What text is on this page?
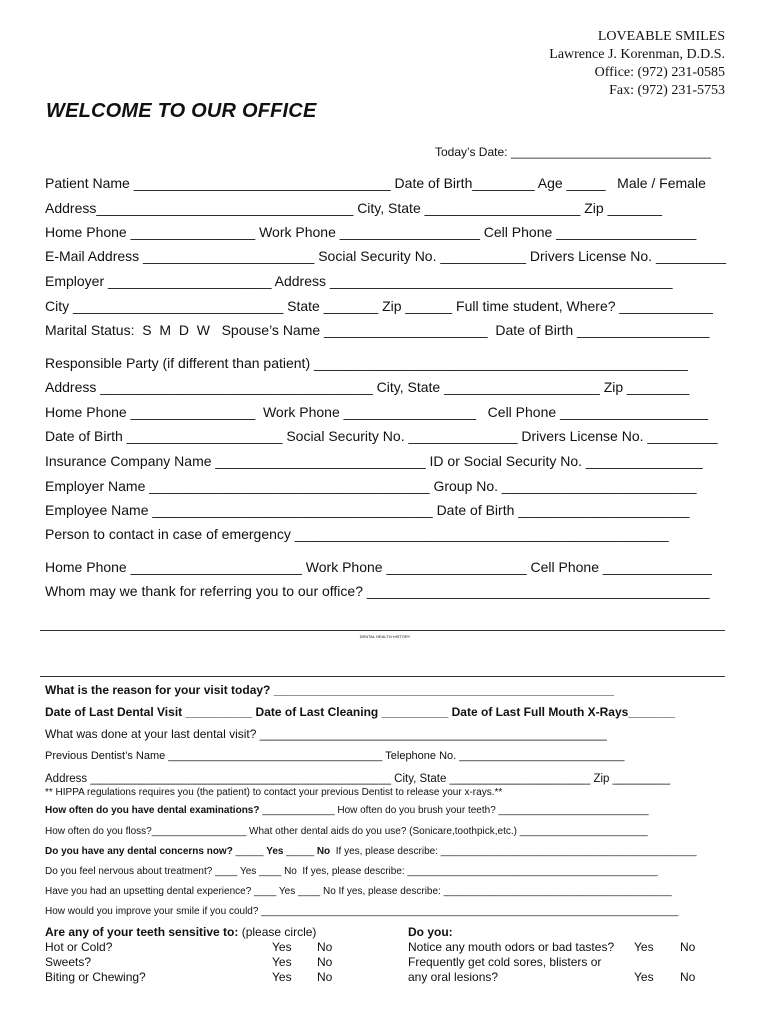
LOVEABLE SMILES
Lawrence J. Korenman, D.D.S.
Office: (972) 231-0585
Fax: (972) 231-5753
WELCOME TO OUR OFFICE
Today’s Date: ______________________________
Patient Name _________________________________ Date of Birth________ Age _____   Male / Female
Address_________________________________ City, State ____________________ Zip _______
Home Phone ________________ Work Phone __________________ Cell Phone __________________
E-Mail Address ______________________ Social Security No. ___________ Drivers License No. _________
Employer _____________________ Address ____________________________________________
City ___________________________ State _______ Zip ______ Full time student, Where? ____________
Marital Status:  S  M  D  W   Spouse’s Name _____________________  Date of Birth _________________
Responsible Party (if different than patient) ________________________________________________
Address ___________________________________ City, State ____________________ Zip ________
Home Phone ________________  Work Phone _________________   Cell Phone ___________________
Date of Birth ____________________ Social Security No. ______________ Drivers License No. _________
Insurance Company Name ___________________________ ID or Social Security No. _______________
Employer Name ____________________________________ Group No. _________________________
Employee Name ____________________________________ Date of Birth ______________________
Person to contact in case of emergency ________________________________________________
Home Phone ______________________ Work Phone __________________ Cell Phone ______________
Whom may we thank for referring you to our office? ____________________________________________
DENTAL HEALTH HISTORY
What is the reason for your visit today? ___________________________________________________
Date of Last Dental Visit __________ Date of Last Cleaning __________ Date of Last Full Mouth X-Rays_______
What was done at your last dental visit? ____________________________________________________
Previous Dentist’s Name ___________________________________ Telephone No. ___________________________
Address _______________________________________________ City, State ______________________ Zip _________
** HIPPA regulations requires you (the patient) to contact your previous Dentist to release your x-rays.**
How often do you have dental examinations? _____________ How often do you brush your teeth? ___________________________
How often do you floss?_________________ What other dental aids do you use? (Sonicare,toothpick,etc.) _______________________
Do you have any dental concerns now? _____ Yes _____ No  If yes, please describe: ______________________________________________
Do you feel nervous about treatment? ____ Yes ____ No  If yes, please describe: _____________________________________________
Have you had an upsetting dental experience? ____ Yes ____ No If yes, please describe: _________________________________________
How would you improve your smile if you could? ___________________________________________________________________________
Are any of your teeth sensitive to: (please circle)
Hot or Cold?	Yes No
Sweets?	Yes No
Biting or Chewing?	Yes No
Do you:
Notice any mouth odors or bad tastes? Yes No
Frequently get cold sores, blisters or
any oral lesions?	Yes No
